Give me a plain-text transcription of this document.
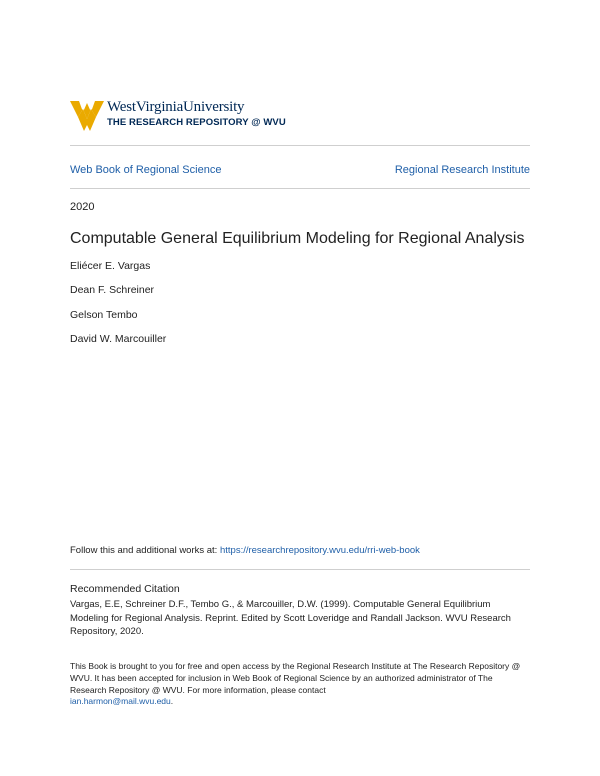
WestVirginiaUniversity
THE RESEARCH REPOSITORY @ WVU
Web Book of Regional Science	Regional Research Institute
2020
Computable General Equilibrium Modeling for Regional Analysis
Eliécer E. Vargas
Dean F. Schreiner
Gelson Tembo
David W. Marcouiller
Follow this and additional works at: https://researchrepository.wvu.edu/rri-web-book
Recommended Citation
Vargas, E.E, Schreiner D.F., Tembo G., & Marcouiller, D.W. (1999). Computable General Equilibrium Modeling for Regional Analysis. Reprint. Edited by Scott Loveridge and Randall Jackson. WVU Research Repository, 2020.
This Book is brought to you for free and open access by the Regional Research Institute at The Research Repository @ WVU. It has been accepted for inclusion in Web Book of Regional Science by an authorized administrator of The Research Repository @ WVU. For more information, please contact
ian.harmon@mail.wvu.edu.
